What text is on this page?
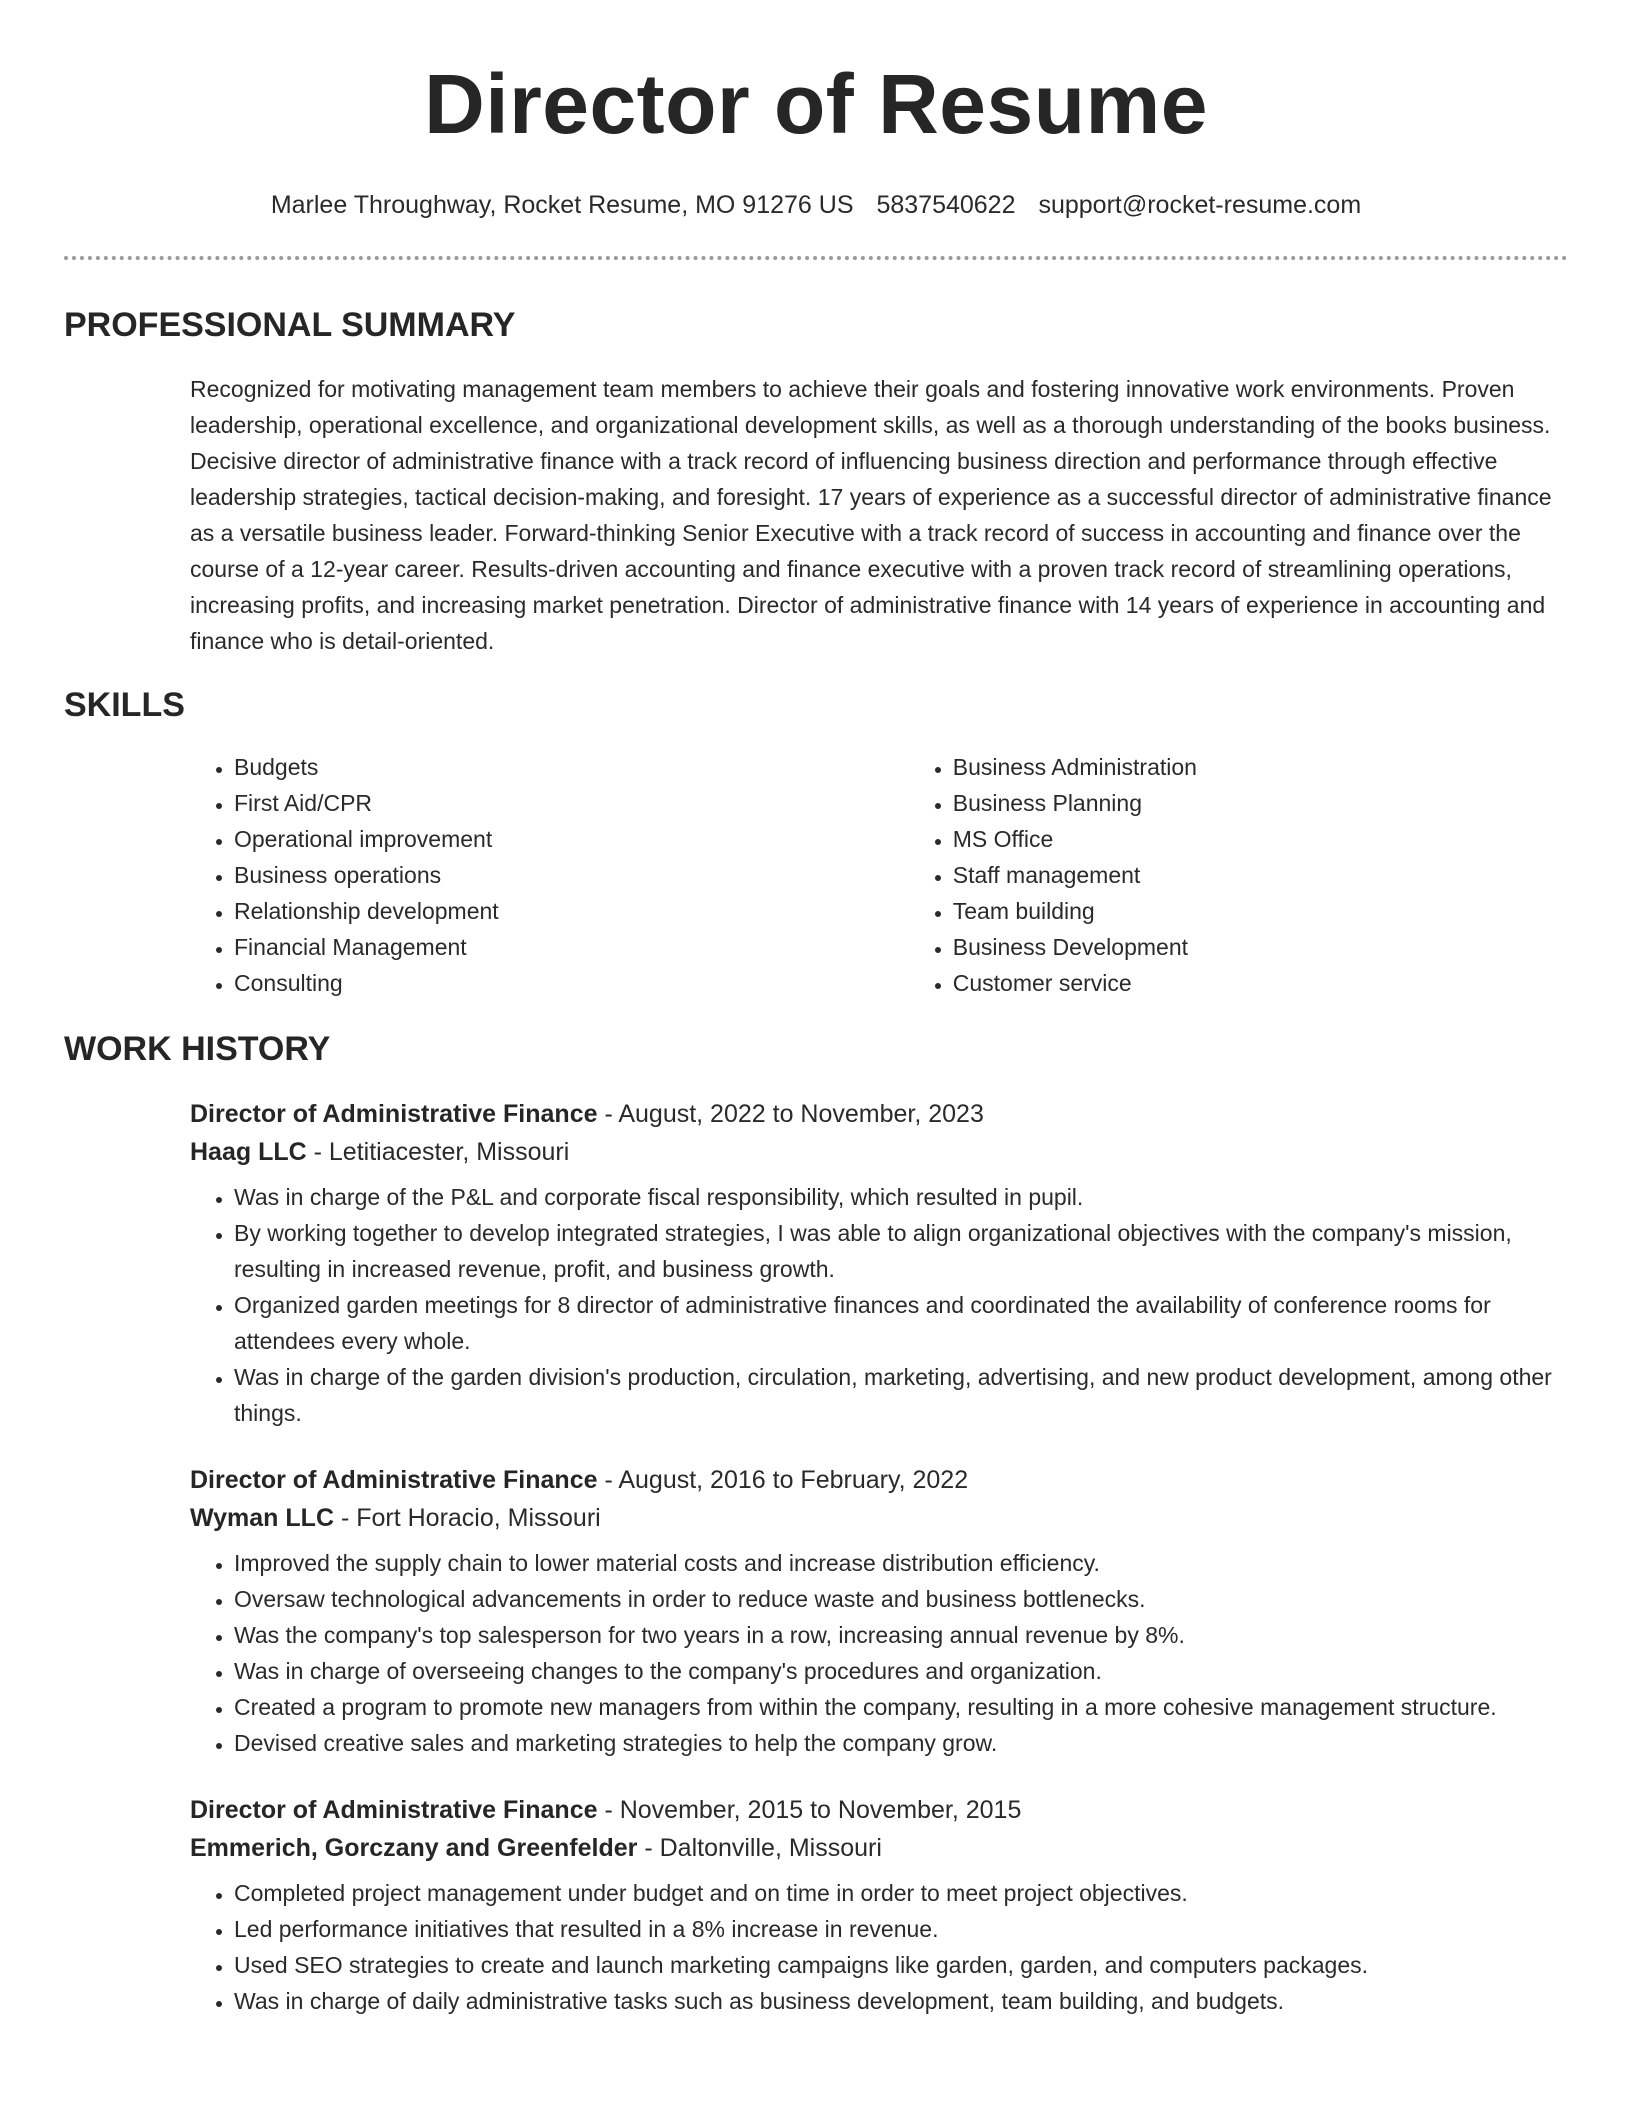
Director of Resume
Marlee Throughway, Rocket Resume, MO 91276 US 5837540622 support@rocket-resume.com
PROFESSIONAL SUMMARY
Recognized for motivating management team members to achieve their goals and fostering innovative work environments. Proven leadership, operational excellence, and organizational development skills, as well as a thorough understanding of the books business. Decisive director of administrative finance with a track record of influencing business direction and performance through effective leadership strategies, tactical decision-making, and foresight. 17 years of experience as a successful director of administrative finance as a versatile business leader. Forward-thinking Senior Executive with a track record of success in accounting and finance over the course of a 12-year career. Results-driven accounting and finance executive with a proven track record of streamlining operations, increasing profits, and increasing market penetration. Director of administrative finance with 14 years of experience in accounting and finance who is detail-oriented.
SKILLS
• Budgets
• First Aid/CPR
• Operational improvement
• Business operations
• Relationship development
• Financial Management
• Consulting
• Business Administration
• Business Planning
• MS Office
• Staff management
• Team building
• Business Development
• Customer service
WORK HISTORY
Director of Administrative Finance - August, 2022 to November, 2023
Haag LLC - Letitiacester, Missouri
• Was in charge of the P&L and corporate fiscal responsibility, which resulted in pupil.
• By working together to develop integrated strategies, I was able to align organizational objectives with the company's mission, resulting in increased revenue, profit, and business growth.
• Organized garden meetings for 8 director of administrative finances and coordinated the availability of conference rooms for attendees every whole.
• Was in charge of the garden division's production, circulation, marketing, advertising, and new product development, among other things.
Director of Administrative Finance - August, 2016 to February, 2022
Wyman LLC - Fort Horacio, Missouri
• Improved the supply chain to lower material costs and increase distribution efficiency.
• Oversaw technological advancements in order to reduce waste and business bottlenecks.
• Was the company's top salesperson for two years in a row, increasing annual revenue by 8%.
• Was in charge of overseeing changes to the company's procedures and organization.
• Created a program to promote new managers from within the company, resulting in a more cohesive management structure.
• Devised creative sales and marketing strategies to help the company grow.
Director of Administrative Finance - November, 2015 to November, 2015
Emmerich, Gorczany and Greenfelder - Daltonville, Missouri
• Completed project management under budget and on time in order to meet project objectives.
• Led performance initiatives that resulted in a 8% increase in revenue.
• Used SEO strategies to create and launch marketing campaigns like garden, garden, and computers packages.
• Was in charge of daily administrative tasks such as business development, team building, and budgets.
